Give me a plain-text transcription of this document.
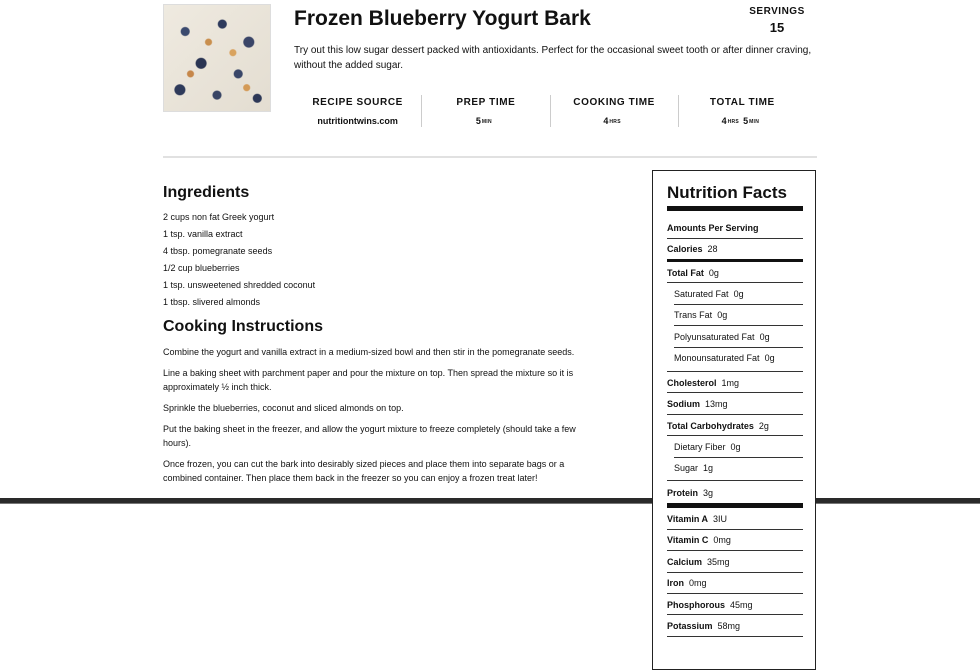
Frozen Blueberry Yogurt Bark

Try out this low sugar dessert packed with antioxidants. Perfect for the occasional sweet tooth or after dinner craving, without the added sugar.

SERVINGS
15
RECIPE SOURCE
nutritiontwins.com
PREP TIME
5MIN
COOKING TIME
4HRS
TOTAL TIME
4HRS 5MIN
Ingredients
2 cups non fat Greek yogurt
1 tsp. vanilla extract
4 tbsp. pomegranate seeds
1/2 cup blueberries
1 tsp. unsweetened shredded coconut
1 tbsp. slivered almonds
Cooking Instructions

Combine the yogurt and vanilla extract in a medium-sized bowl and then stir in the pomegranate seeds.

Line a baking sheet with parchment paper and pour the mixture on top. Then spread the mixture so it is approximately ½ inch thick.

Sprinkle the blueberries, coconut and sliced almonds on top.

Put the baking sheet in the freezer, and allow the yogurt mixture to freeze completely (should take a few hours).

Once frozen, you can cut the bark into desirably sized pieces and place them into separate bags or a combined container. Then place them back in the freezer so you can enjoy a frozen treat later!

Nutrition Facts
Amounts Per Serving
Calories 28
Total Fat 0g
Saturated Fat 0g
Trans Fat 0g
Polyunsaturated Fat 0g
Monounsaturated Fat 0g
Cholesterol 1mg
Sodium 13mg
Total Carbohydrates 2g
Dietary Fiber 0g
Sugar 1g
Protein 3g
Vitamin A 3IU
Vitamin C 0mg
Calcium 35mg
Iron 0mg
Phosphorous 45mg
Potassium 58mg
